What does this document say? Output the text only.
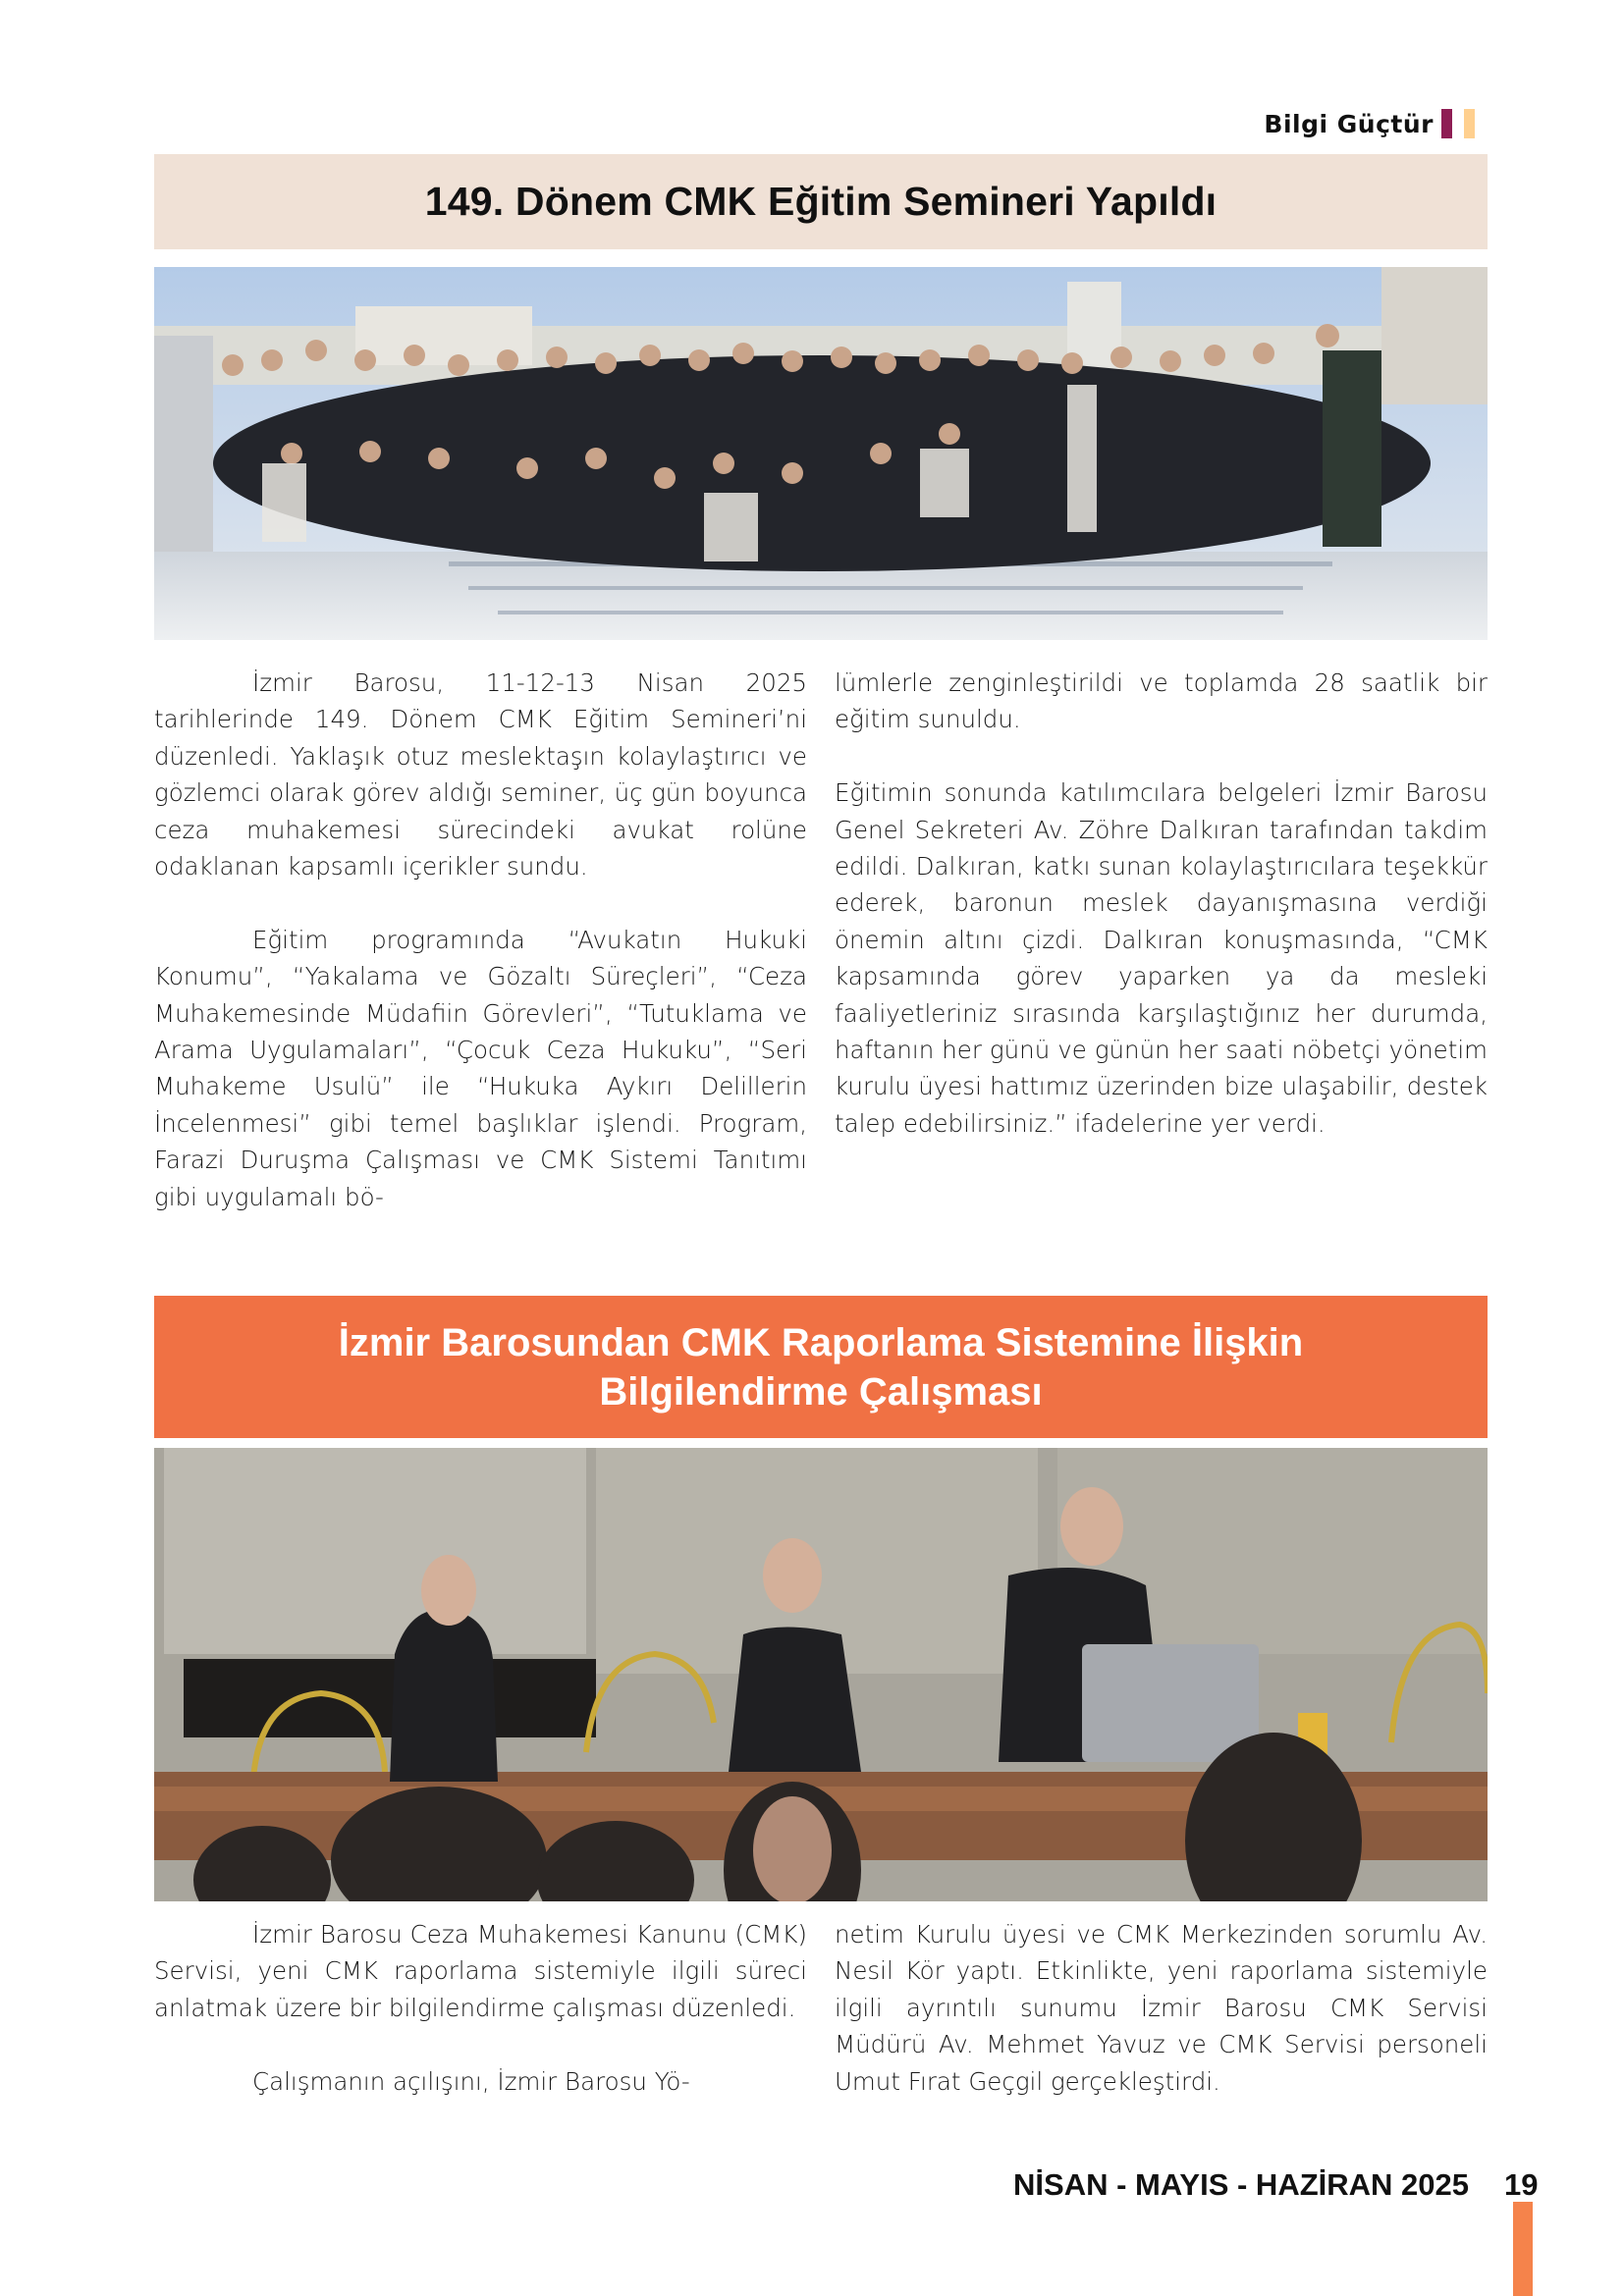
Bilgi Güçtür
149. Dönem CMK Eğitim Semineri Yapıldı

İzmir Barosu, 11-12-13 Nisan 2025 tarihlerinde 149. Dönem CMK Eğitim Semineri’ni düzenledi. Yaklaşık otuz meslektaşın kolaylaştırıcı ve gözlemci olarak görev aldığı seminer, üç gün boyunca ceza muhakemesi sürecindeki avukat rolüne odaklanan kapsamlı içerikler sundu.

Eğitim programında “Avukatın Hukuki Konumu”, “Yakalama ve Gözaltı Süreçleri”, “Ceza Muhakemesinde Müdafiin Görevleri”, “Tutuklama ve Arama Uygulamaları”, “Çocuk Ceza Hukuku”, “Seri Muhakeme Usulü” ile “Hukuka Aykırı Delillerin İncelenmesi” gibi temel başlıklar işlendi. Program, Farazi Duruşma Çalışması ve CMK Sistemi Tanıtımı gibi uygulamalı bö-

lümlerle zenginleştirildi ve toplamda 28 saatlik bir eğitim sunuldu.

Eğitimin sonunda katılımcılara belgeleri İzmir Barosu Genel Sekreteri Av. Zöhre Dalkıran tarafından takdim edildi. Dalkıran, katkı sunan kolaylaştırıcılara teşekkür ederek, baronun meslek dayanışmasına verdiği önemin altını çizdi. Dalkıran konuşmasında, “CMK kapsamında görev yaparken ya da mesleki faaliyetleriniz sırasında karşılaştığınız her durumda, haftanın her günü ve günün her saati nöbetçi yönetim kurulu üyesi hattımız üzerinden bize ulaşabilir, destek talep edebilirsiniz.” ifadelerine yer verdi.

İzmir Barosundan CMK Raporlama Sistemine İlişkin
Bilgilendirme Çalışması

İzmir Barosu Ceza Muhakemesi Kanunu (CMK) Servisi, yeni CMK raporlama sistemiyle ilgili süreci anlatmak üzere bir bilgilendirme çalışması düzenledi.

Çalışmanın açılışını, İzmir Barosu Yö-

netim Kurulu üyesi ve CMK Merkezinden sorumlu Av. Nesil Kör yaptı. Etkinlikte, yeni raporlama sistemiyle ilgili ayrıntılı sunumu İzmir Barosu CMK Servisi Müdürü Av. Mehmet Yavuz ve CMK Servisi personeli Umut Fırat Geçgil gerçekleştirdi.

NİSAN - MAYIS - HAZİRAN 2025 19
